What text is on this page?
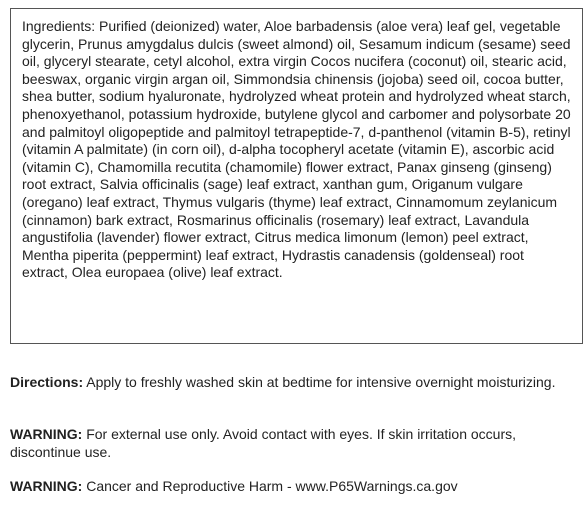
Ingredients: Purified (deionized) water, Aloe barbadensis (aloe vera) leaf gel, vegetable glycerin, Prunus amygdalus dulcis (sweet almond) oil, Sesamum indicum (sesame) seed oil, glyceryl stearate, cetyl alcohol, extra virgin Cocos nucifera (coconut) oil, stearic acid, beeswax, organic virgin argan oil, Simmondsia chinensis (jojoba) seed oil, cocoa butter, shea butter, sodium hyaluronate, hydrolyzed wheat protein and hydrolyzed wheat starch, phenoxyethanol, potassium hydroxide, butylene glycol and carbomer and polysorbate 20 and palmitoyl oligopeptide and palmitoyl tetrapeptide-7, d-panthenol (vitamin B-5), retinyl (vitamin A palmitate) (in corn oil), d-alpha tocopheryl acetate (vitamin E), ascorbic acid (vitamin C), Chamomilla recutita (chamomile) flower extract, Panax ginseng (ginseng) root extract, Salvia officinalis (sage) leaf extract, xanthan gum, Origanum vulgare (oregano) leaf extract, Thymus vulgaris (thyme) leaf extract, Cinnamomum zeylanicum (cinnamon) bark extract, Rosmarinus officinalis (rosemary) leaf extract, Lavandula angustifolia (lavender) flower extract, Citrus medica limonum (lemon) peel extract, Mentha piperita (peppermint) leaf extract, Hydrastis canadensis (goldenseal) root extract, Olea europaea (olive) leaf extract.

Directions: Apply to freshly washed skin at bedtime for intensive overnight moisturizing.

WARNING: For external use only. Avoid contact with eyes. If skin irritation occurs, discontinue use.

WARNING: Cancer and Reproductive Harm - www.P65Warnings.ca.gov
